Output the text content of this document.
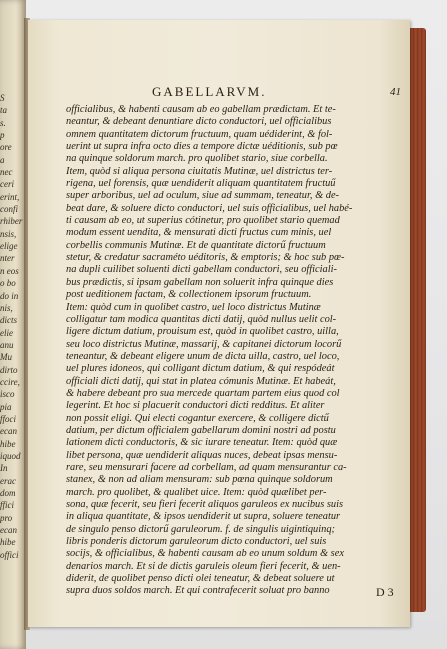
S
ta
s.
p
ore
a
nec
ceri
erint,
confi
rhiber
nsis,
elige
nter
n eos
o bo
do in
nis,
dicts
elie
anu
Mu
dirto
ccire,
isco
pia
ffoci
ecan
hibe
iquod
In
erac
dom
ffici
pro
ecan
hibe
offici
GABELLARVM.	41
officialibus, & habenti causam ab eo gabellam prædictam. Et te-
neantur, & debeant denuntiare dicto conductori, uel officialibus
omnem quantitatem dictorum fructuum, quam uédiderint, & fol-
uerint ut supra infra octo dies a tempore dictæ uéditionis, sub pœ
na quinque soldorum march. pro quolibet stario, siue corbella.
Item, quòd si aliqua persona ciuitatis Mutinæ, uel districtus ter-
rigena, uel forensis, quæ uendiderit aliquam quantitatem fructuű
super arboribus, uel ad oculum, siue ad summam, teneatur, & de-
beat dare, & soluere dicto conductori, uel suis officialibus, uel habé-
ti causam ab eo, ut superius cótinetur, pro quolibet stario quemad
modum essent uendita, & mensurati dicti fructus cum minis, uel
corbellis communis Mutinæ. Et de quantitate dictorű fructuum
stetur, & credatur sacraméto uéditoris, & emptoris; & hoc sub pœ-
na dupli cuilibet soluenti dicti gabellam conductori, seu officiali-
bus prædictis, si ipsam gabellam non soluerit infra quinque dies
post ueditionem factam, & collectionem ipsorum fructuum.
Item: quòd cum in quolibet castro, uel loco districtus Mutinæ
colligatur tam modica quantitas dicti datij, quòd nullus uelit col-
ligere dictum datium, prouisum est, quòd in quolibet castro, uilla,
seu loco districtus Mutinæ, massarij, & capitanei dictorum locorű
teneantur, & debeant eligere unum de dicta uilla, castro, uel loco,
uel plures idoneos, qui colligant dictum datium, & qui respódeát
officiali dicti datij, qui stat in platea cómunis Mutinæ. Et habeát,
& habere debeant pro sua mercede quartam partem eius quod col
legerint. Et hoc si placuerit conductori dicti redditus. Et aliter
non possit eligi. Qui electi cogantur exercere, & colligere dictű
datium, per dictum officialem gabellarum domini nostri ad postu
lationem dicti conductoris, & sic iurare teneatur. Item: quòd quæ
libet persona, quæ uendiderit aliquas nuces, debeat ipsas mensu-
rare, seu mensurari facere ad corbellam, ad quam mensurantur ca-
stanex, & non ad aliam mensuram: sub pœna quinque soldorum
march. pro quolibet, & qualibet uice. Item: quòd quælibet per-
sona, quæ fecerit, seu fieri fecerit aliquos garuleos ex nucibus suis
in aliqua quantitate, & ipsos uendiderit ut supra, soluere teneatur
de singulo penso dictorű garuleorum. f. de singulis uigintiquinq;
libris ponderis dictorum garuleorum dicto conductori, uel suis
socijs, & officialibus, & habenti causam ab eo unum soldum & sex
denarios march. Et si de dictis garuleis oleum fieri fecerit, & uen-
diderit, de quolibet penso dicti olei teneatur, & debeat soluere ut
supra duos soldos march. Et qui contrafecerit soluat pro banno	D 3
